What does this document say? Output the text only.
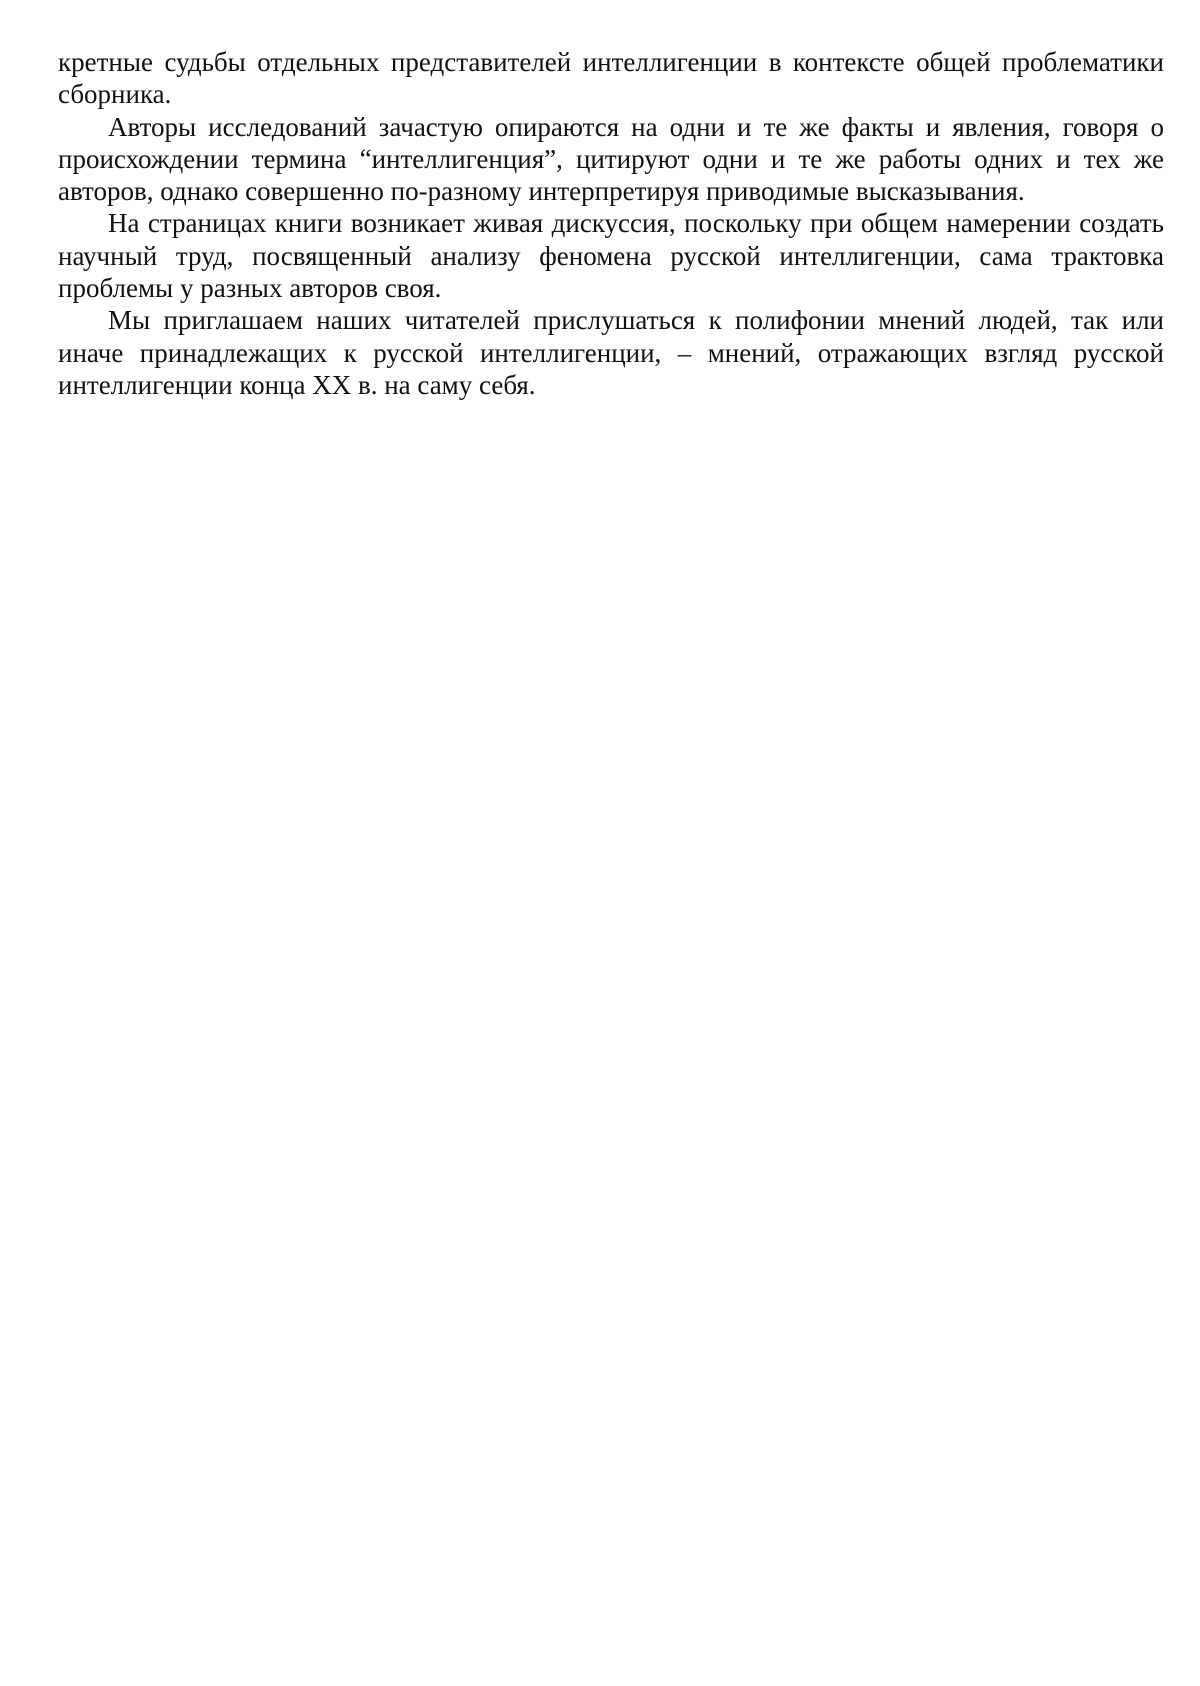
кретные судьбы отдельных представителей интеллигенции в контексте общей проблематики сборника.

Авторы исследований зачастую опираются на одни и те же факты и явления, говоря о происхождении термина “интеллигенция”, цитируют одни и те же работы одних и тех же авторов, однако совершенно по-разному интерпретируя приводимые высказывания.

На страницах книги возникает живая дискуссия, поскольку при общем намерении создать научный труд, посвященный анализу феномена русской интеллигенции, сама трактовка проблемы у разных авторов своя.

Мы приглашаем наших читателей прислушаться к полифонии мнений людей, так или иначе принадлежащих к русской интеллигенции, – мнений, отражающих взгляд русской интеллигенции конца XX в. на саму себя.
